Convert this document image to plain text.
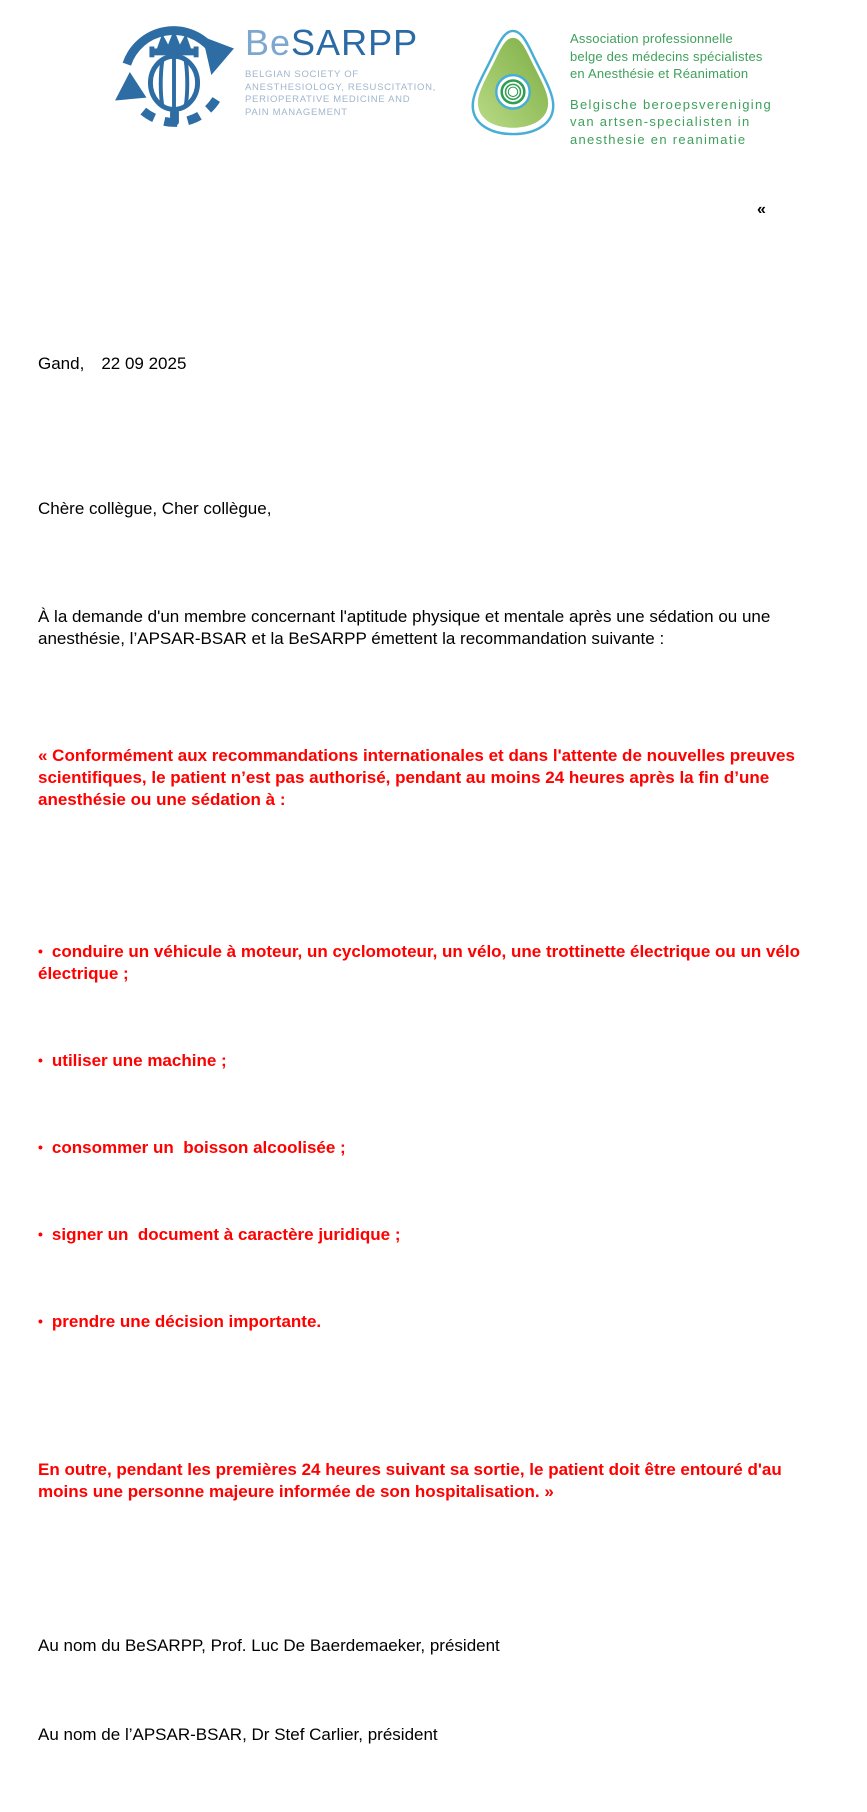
BeSARPP
BELGIAN SOCIETY OF
ANESTHESIOLOGY, RESUSCITATION,
PERIOPERATIVE MEDICINE AND
PAIN MANAGEMENT
Association professionnelle
belge des médecins spécialistes
en Anesthésie et Réanimation
Belgische beroepsvereniging
van artsen-specialisten in
anesthesie en reanimatie
«

Gand, 22 09 2025

Chère collègue, Cher collègue,

À la demande d'un membre concernant l'aptitude physique et mentale après une sédation ou une anesthésie, l’APSAR-BSAR et la BeSARPP émettent la recommandation suivante :

« Conformément aux recommandations internationales et dans l'attente de nouvelles preuves scientifiques, le patient n’est pas authorisé, pendant au moins 24 heures après la fin d’une anesthésie ou une sédation à :

• conduire un véhicule à moteur, un cyclomoteur, un vélo, une trottinette électrique ou un vélo électrique ;

• utiliser une machine ;

• consommer un  boisson alcoolisée ;

• signer un  document à caractère juridique ;

• prendre une décision importante.

En outre, pendant les premières 24 heures suivant sa sortie, le patient doit être entouré d'au moins une personne majeure informée de son hospitalisation. »

Au nom du BeSARPP, Prof. Luc De Baerdemaeker, président

Au nom de l’APSAR-BSAR, Dr Stef Carlier, président
